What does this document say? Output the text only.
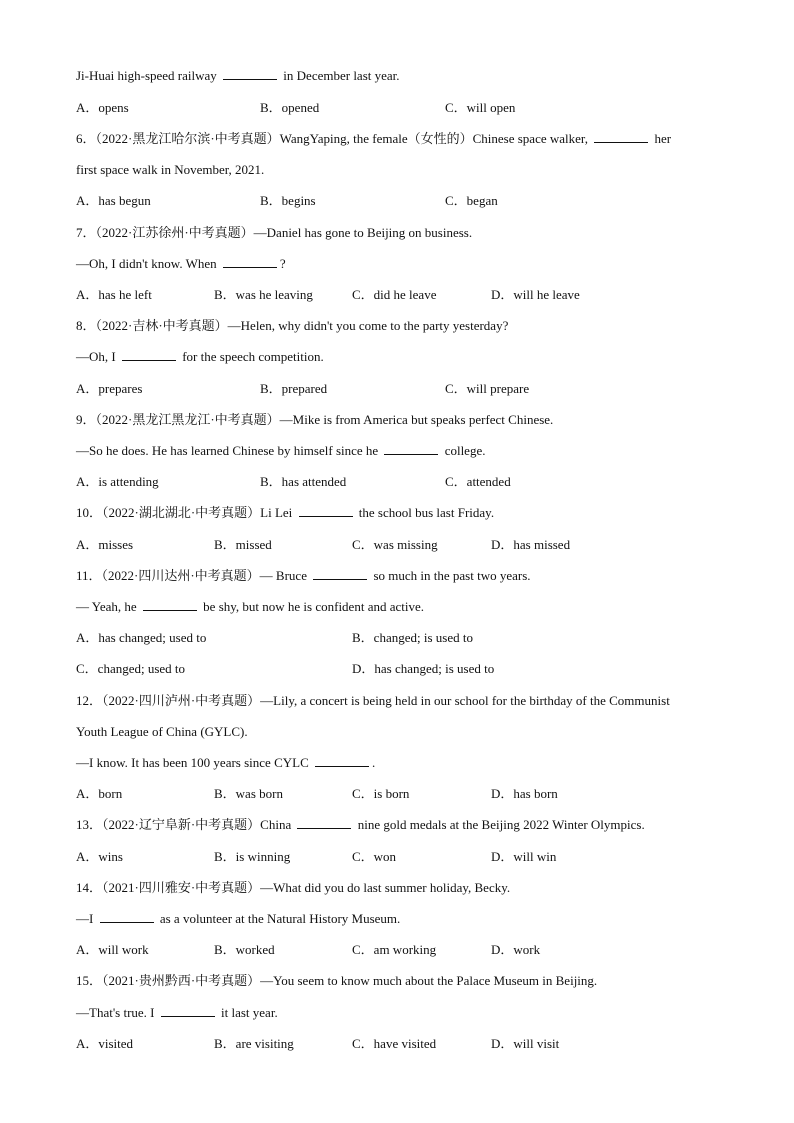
Ji-Huai high-speed railway	in December last year.
6．（2022·黑龙江哈尔滨·中考真题）WangYaping, the female（女性的）Chinese space walker,	her
first space walk in November, 2021.
7．（2022·江苏徐州·中考真题）—Daniel has gone to Beijing on business.
—Oh, I didn't know. When	?
8．（2022·吉林·中考真题）—Helen, why didn't you come to the party yesterday?
—Oh, I	for the speech competition.
9．（2022·黑龙江黑龙江·中考真题）—Mike is from America but speaks perfect Chinese.
—So he does. He has learned Chinese by himself since he	college.
10．（2022·湖北湖北·中考真题）Li Lei	the school bus last Friday.
11．（2022·四川达州·中考真题）— Bruce	so much in the past two years.
— Yeah, he	be shy, but now he is confident and active.
12．（2022·四川泸州·中考真题）—Lily, a concert is being held in our school for the birthday of the Communist
Youth League of China (GYLC).
—I know. It has been 100 years since CYLC	.
13．（2022·辽宁阜新·中考真题）China	nine gold medals at the Beijing 2022 Winter Olympics.
14．（2021·四川雅安·中考真题）—What did you do last summer holiday, Becky.
—I	as a volunteer at the Natural History Museum.
15．（2021·贵州黔西·中考真题）—You seem to know much about the Palace Museum in Beijing.
—That's true. I	it last year.
A．opens	B．opened	C．will open
A．has begun	B．begins	C．began
A．has he left	B．was he leaving	C．did he leave	D．will he leave
A．prepares	B．prepared	C．will prepare
A．is attending	B．has attended	C．attended
A．misses	B．missed	C．was missing	D．has missed
A．has changed; used to	B．changed; is used to
C．changed; used to	D．has changed; is used to
A．born	B．was born	C．is born	D．has born
A．wins	B．is winning	C．won	D．will win
A．will work	B．worked	C．am working	D．work
A．visited	B．are visiting	C．have visited	D．will visit
